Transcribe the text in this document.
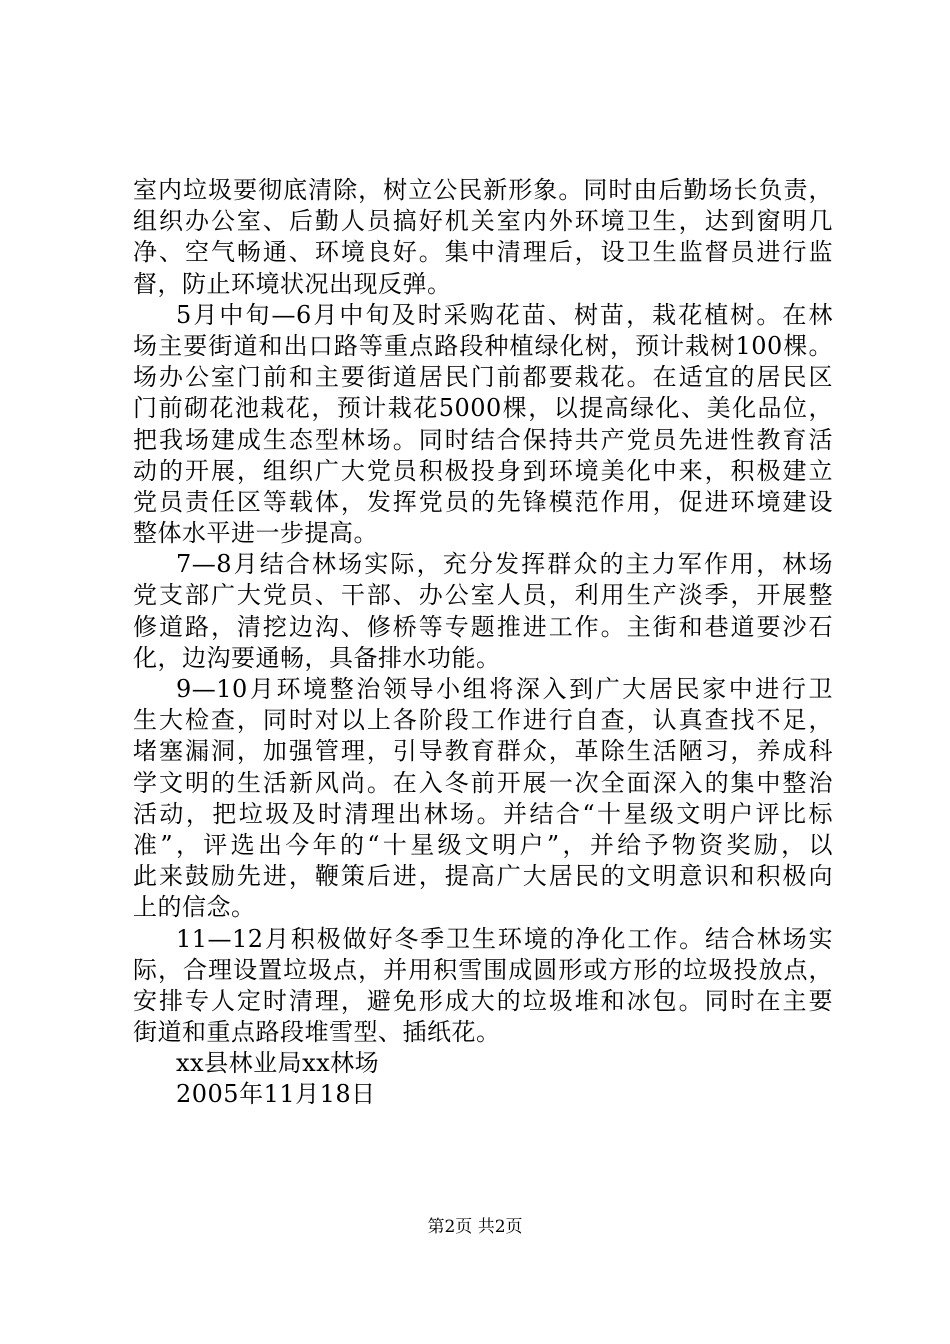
室内垃圾要彻底清除，树立公民新形象。同时由后勤场长负责，
组织办公室、后勤人员搞好机关室内外环境卫生，达到窗明几
净、空气畅通、环境良好。集中清理后，设卫生监督员进行监
督，防止环境状况出现反弹。
5月中旬—6月中旬及时采购花苗、树苗，栽花植树。在林
场主要街道和出口路等重点路段种植绿化树，预计栽树100棵。
场办公室门前和主要街道居民门前都要栽花。在适宜的居民区
门前砌花池栽花，预计栽花5000棵，以提高绿化、美化品位，
把我场建成生态型林场。同时结合保持共产党员先进性教育活
动的开展，组织广大党员积极投身到环境美化中来，积极建立
党员责任区等载体，发挥党员的先锋模范作用，促进环境建设
整体水平进一步提高。
7—8月结合林场实际，充分发挥群众的主力军作用，林场
党支部广大党员、干部、办公室人员，利用生产淡季，开展整
修道路，清挖边沟、修桥等专题推进工作。主街和巷道要沙石
化，边沟要通畅，具备排水功能。
9—10月环境整治领导小组将深入到广大居民家中进行卫
生大检查，同时对以上各阶段工作进行自查，认真查找不足，
堵塞漏洞，加强管理，引导教育群众，革除生活陋习，养成科
学文明的生活新风尚。在入冬前开展一次全面深入的集中整治
活动，把垃圾及时清理出林场。并结合“十星级文明户评比标
准”，评选出今年的“十星级文明户”，并给予物资奖励，以
此来鼓励先进，鞭策后进，提高广大居民的文明意识和积极向
上的信念。
11—12月积极做好冬季卫生环境的净化工作。结合林场实
际，合理设置垃圾点，并用积雪围成圆形或方形的垃圾投放点，
安排专人定时清理，避免形成大的垃圾堆和冰包。同时在主要
街道和重点路段堆雪型、插纸花。
xx县林业局xx林场
2005年11月18日
第2页 共2页
